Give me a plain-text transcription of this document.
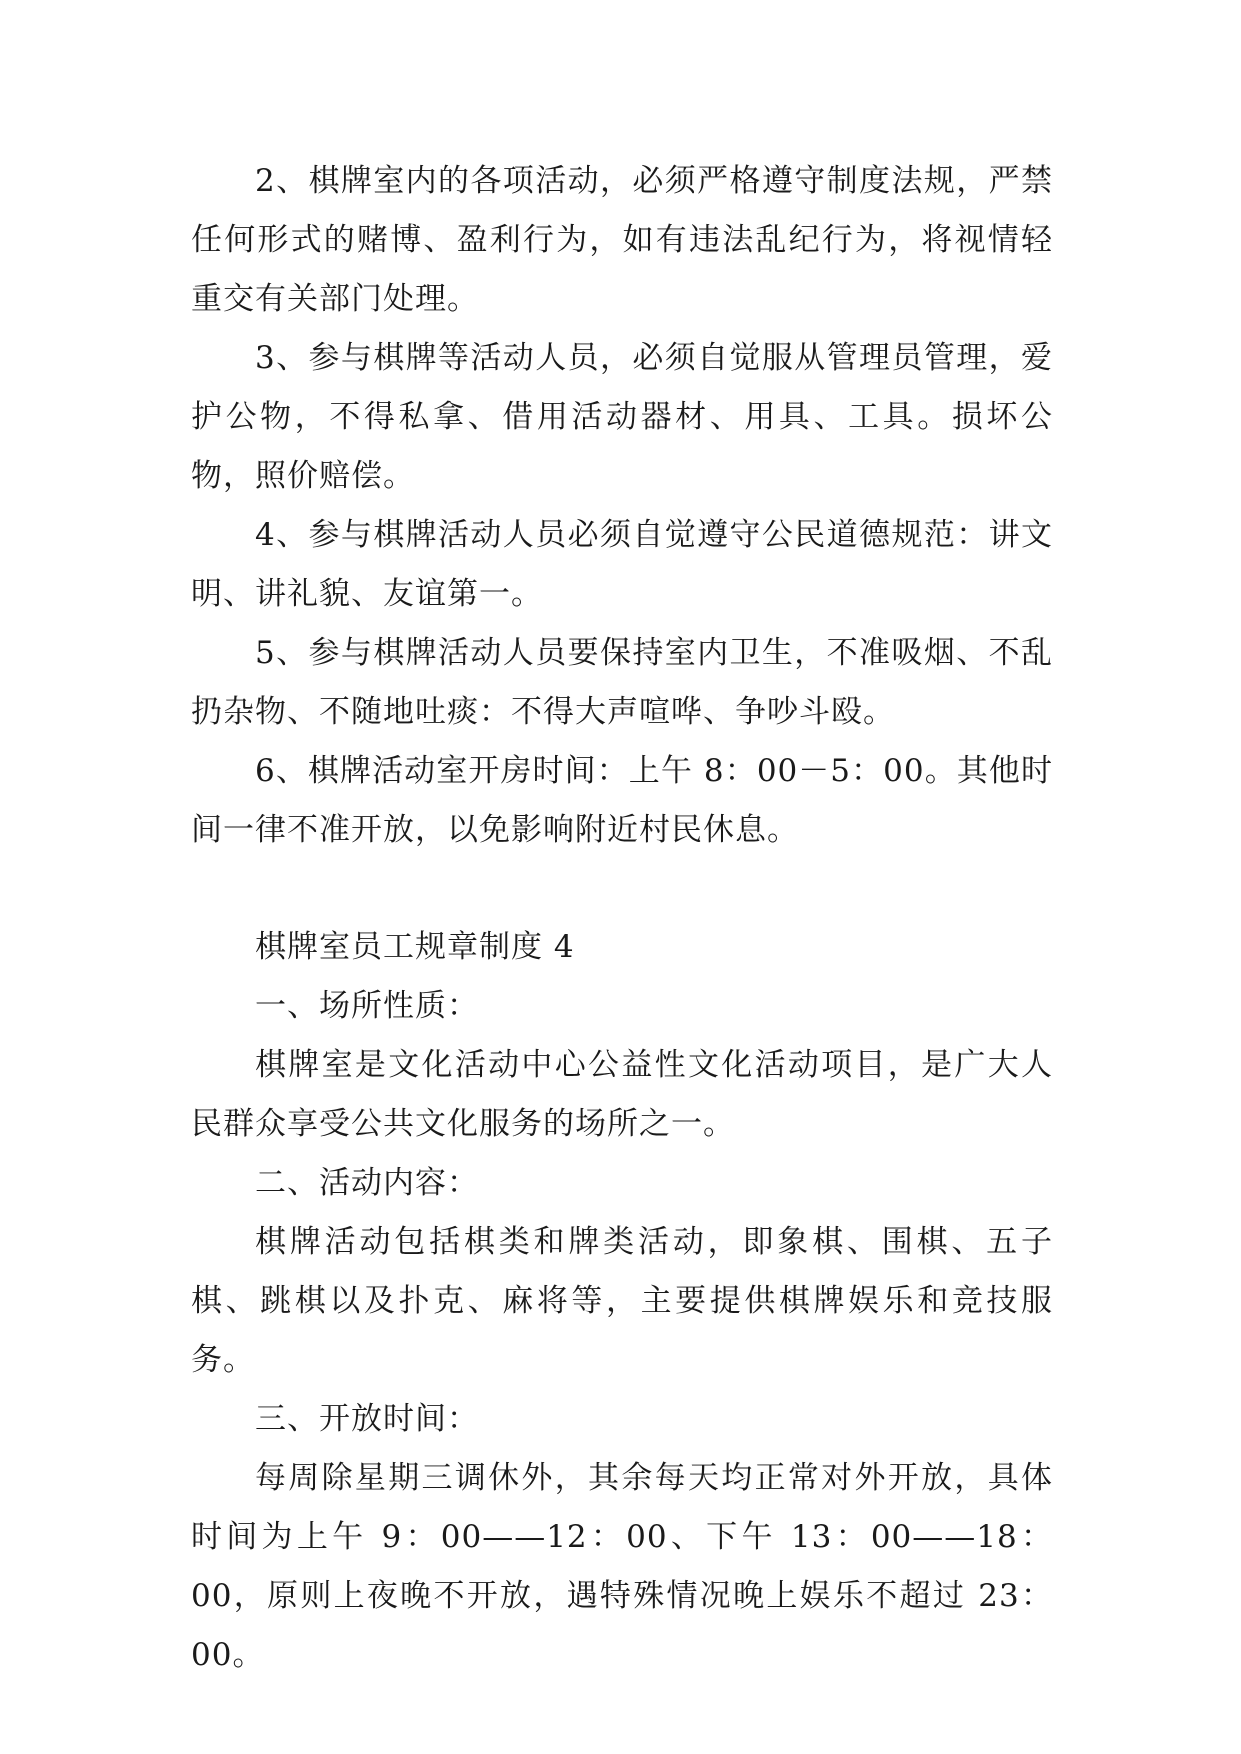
2、棋牌室内的各项活动，必须严格遵守制度法规，严禁任何形式的赌博、盈利行为，如有违法乱纪行为，将视情轻重交有关部门处理。

3、参与棋牌等活动人员，必须自觉服从管理员管理，爱护公物，不得私拿、借用活动器材、用具、工具。损坏公物，照价赔偿。

4、参与棋牌活动人员必须自觉遵守公民道德规范：讲文明、讲礼貌、友谊第一。

5、参与棋牌活动人员要保持室内卫生，不准吸烟、不乱扔杂物、不随地吐痰：不得大声喧哗、争吵斗殴。

6、棋牌活动室开房时间：上午 8：00－5：00。其他时间一律不准开放，以免影响附近村民休息。

棋牌室员工规章制度 4

一、场所性质：

棋牌室是文化活动中心公益性文化活动项目，是广大人民群众享受公共文化服务的场所之一。

二、活动内容：

棋牌活动包括棋类和牌类活动，即象棋、围棋、五子棋、跳棋以及扑克、麻将等，主要提供棋牌娱乐和竞技服务。

三、开放时间：

每周除星期三调休外，其余每天均正常对外开放，具体时间为上午 9：00——12：00、下午 13：00——18：00，原则上夜晚不开放，遇特殊情况晚上娱乐不超过 23：00。
